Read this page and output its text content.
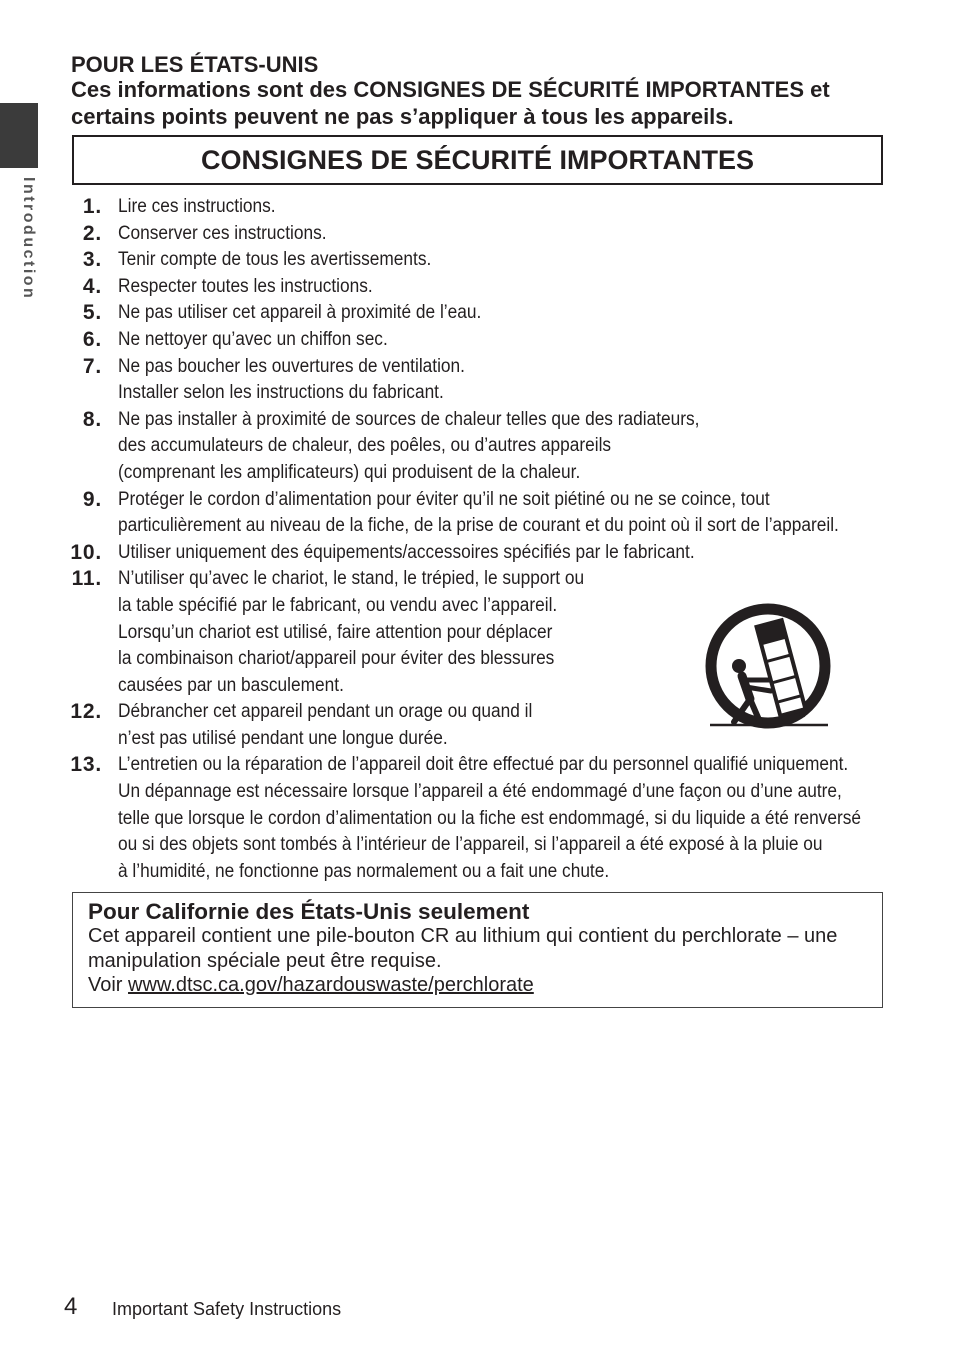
Introduction
POUR LES ÉTATS-UNIS
Ces informations sont des CONSIGNES DE SÉCURITÉ IMPORTANTES et
certains points peuvent ne pas s’appliquer à tous les appareils.
CONSIGNES DE SÉCURITÉ IMPORTANTES
1. Lire ces instructions.
2. Conserver ces instructions.
3. Tenir compte de tous les avertissements.
4. Respecter toutes les instructions.
5. Ne pas utiliser cet appareil à proximité de l’eau.
6. Ne nettoyer qu’avec un chiffon sec.
7. Ne pas boucher les ouvertures de ventilation.
Installer selon les instructions du fabricant.
8. Ne pas installer à proximité de sources de chaleur telles que des radiateurs,
des accumulateurs de chaleur, des poêles, ou d’autres appareils
(comprenant les amplificateurs) qui produisent de la chaleur.
9. Protéger le cordon d’alimentation pour éviter qu’il ne soit piétiné ou ne se coince, tout
particulièrement au niveau de la fiche, de la prise de courant et du point où il sort de l’appareil.
10. Utiliser uniquement des équipements/accessoires spécifiés par le fabricant.
11. N’utiliser qu’avec le chariot, le stand, le trépied, le support ou
la table spécifié par le fabricant, ou vendu avec l’appareil.
Lorsqu’un chariot est utilisé, faire attention pour déplacer
la combinaison chariot/appareil pour éviter des blessures
causées par un basculement.
12. Débrancher cet appareil pendant un orage ou quand il
n’est pas utilisé pendant une longue durée.
13. L’entretien ou la réparation de l’appareil doit être effectué par du personnel qualifié uniquement.
Un dépannage est nécessaire lorsque l’appareil a été endommagé d’une façon ou d’une autre,
telle que lorsque le cordon d’alimentation ou la fiche est endommagé, si du liquide a été renversé
ou si des objets sont tombés à l’intérieur de l’appareil, si l’appareil a été exposé à la pluie ou
à l’humidité, ne fonctionne pas normalement ou a fait une chute.
Pour Californie des États-Unis seulement
Cet appareil contient une pile-bouton CR au lithium qui contient du perchlorate – une
manipulation spéciale peut être requise.
Voir www.dtsc.ca.gov/hazardouswaste/perchlorate
4 Important Safety Instructions
